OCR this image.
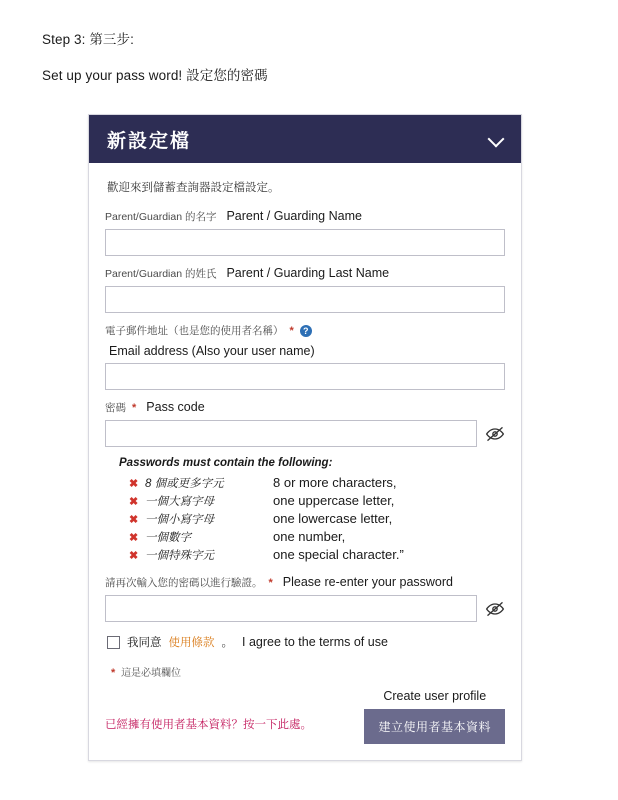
Step 3: 第三步:
Set up your pass word! 設定您的密碼
新設定檔
歡迎來到儲蓄查詢器設定檔設定。
Parent/Guardian 的名字 Parent / Guarding Name
Parent/Guardian 的姓氏 Parent / Guarding Last Name
電子郵件地址（也是您的使用者名稱） *	?
Email address (Also your user name)
密碼 * Pass code
Passwords must contain the following:
✖ 8 個或更多字元	8 or more characters,
✖ 一個大寫字母	one uppercase letter,
✖ 一個小寫字母	one lowercase letter,
✖ 一個數字	one number,
✖ 一個特殊字元	one special character.”
請再次輸入您的密碼以進行驗證。 * Please re-enter your password
我同意 使用條款 。 I agree to the terms of use
* 這是必填欄位
已經擁有使用者基本資料？按一下此處。
Create user profile
建立使用者基本資料
